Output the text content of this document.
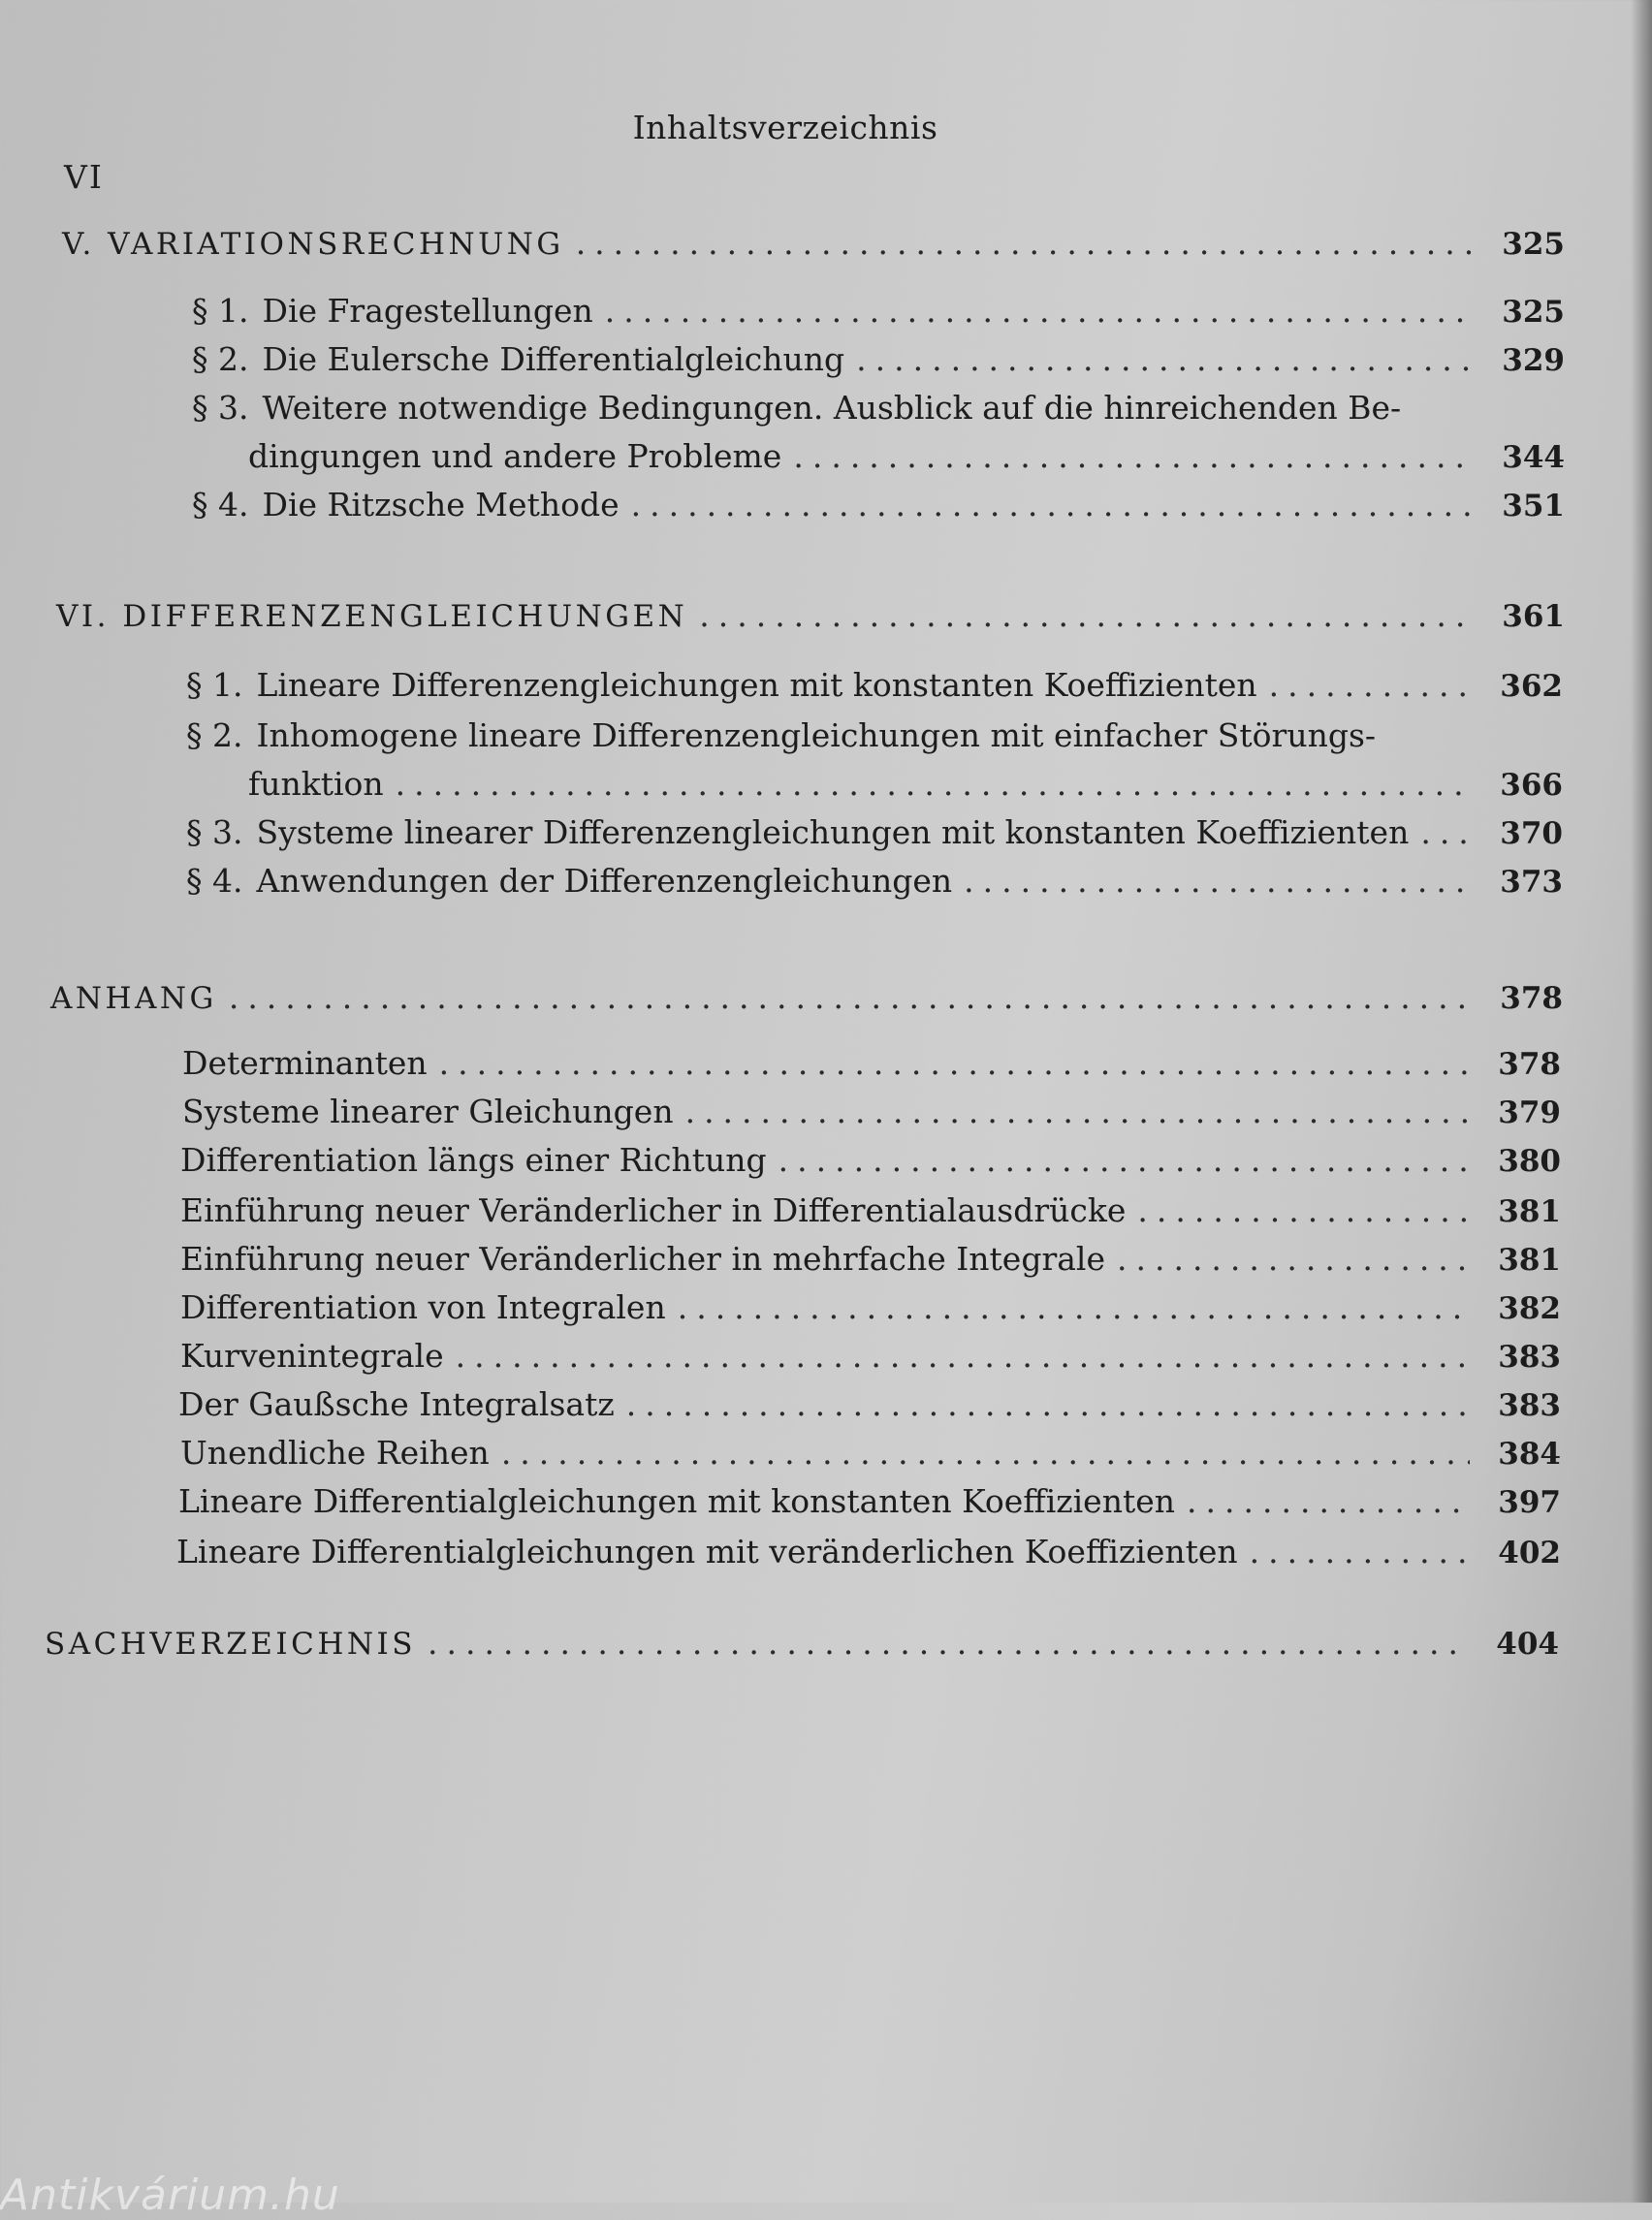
Inhaltsverzeichnis
VI
V. VARIATIONSRECHNUNG .....	325
§ 1. Die Fragestellungen .....	325
§ 2. Die Eulersche Differentialgleichung .....	329
§ 3. Weitere notwendige Bedingungen. Ausblick auf die hinreichenden Be-
dingungen und andere Probleme .....	344
§ 4. Die Ritzsche Methode .....	351
VI. DIFFERENZENGLEICHUNGEN .....	361
§ 1. Lineare Differenzengleichungen mit konstanten Koeffizienten .....	362
§ 2. Inhomogene lineare Differenzengleichungen mit einfacher Störungs-
funktion .....	366
§ 3. Systeme linearer Differenzengleichungen mit konstanten Koeffizienten .....	370
§ 4. Anwendungen der Differenzengleichungen .....	373
ANHANG .....	378
Determinanten .....	378
Systeme linearer Gleichungen .....	379
Differentiation längs einer Richtung .....	380
Einführung neuer Veränderlicher in Differentialausdrücke .....	381
Einführung neuer Veränderlicher in mehrfache Integrale .....	381
Differentiation von Integralen .....	382
Kurvenintegrale .....	383
Der Gaußsche Integralsatz .....	383
Unendliche Reihen .....	384
Lineare Differentialgleichungen mit konstanten Koeffizienten .....	397
Lineare Differentialgleichungen mit veränderlichen Koeffizienten .....	402
SACHVERZEICHNIS .....	404
Antikvárium.hu
